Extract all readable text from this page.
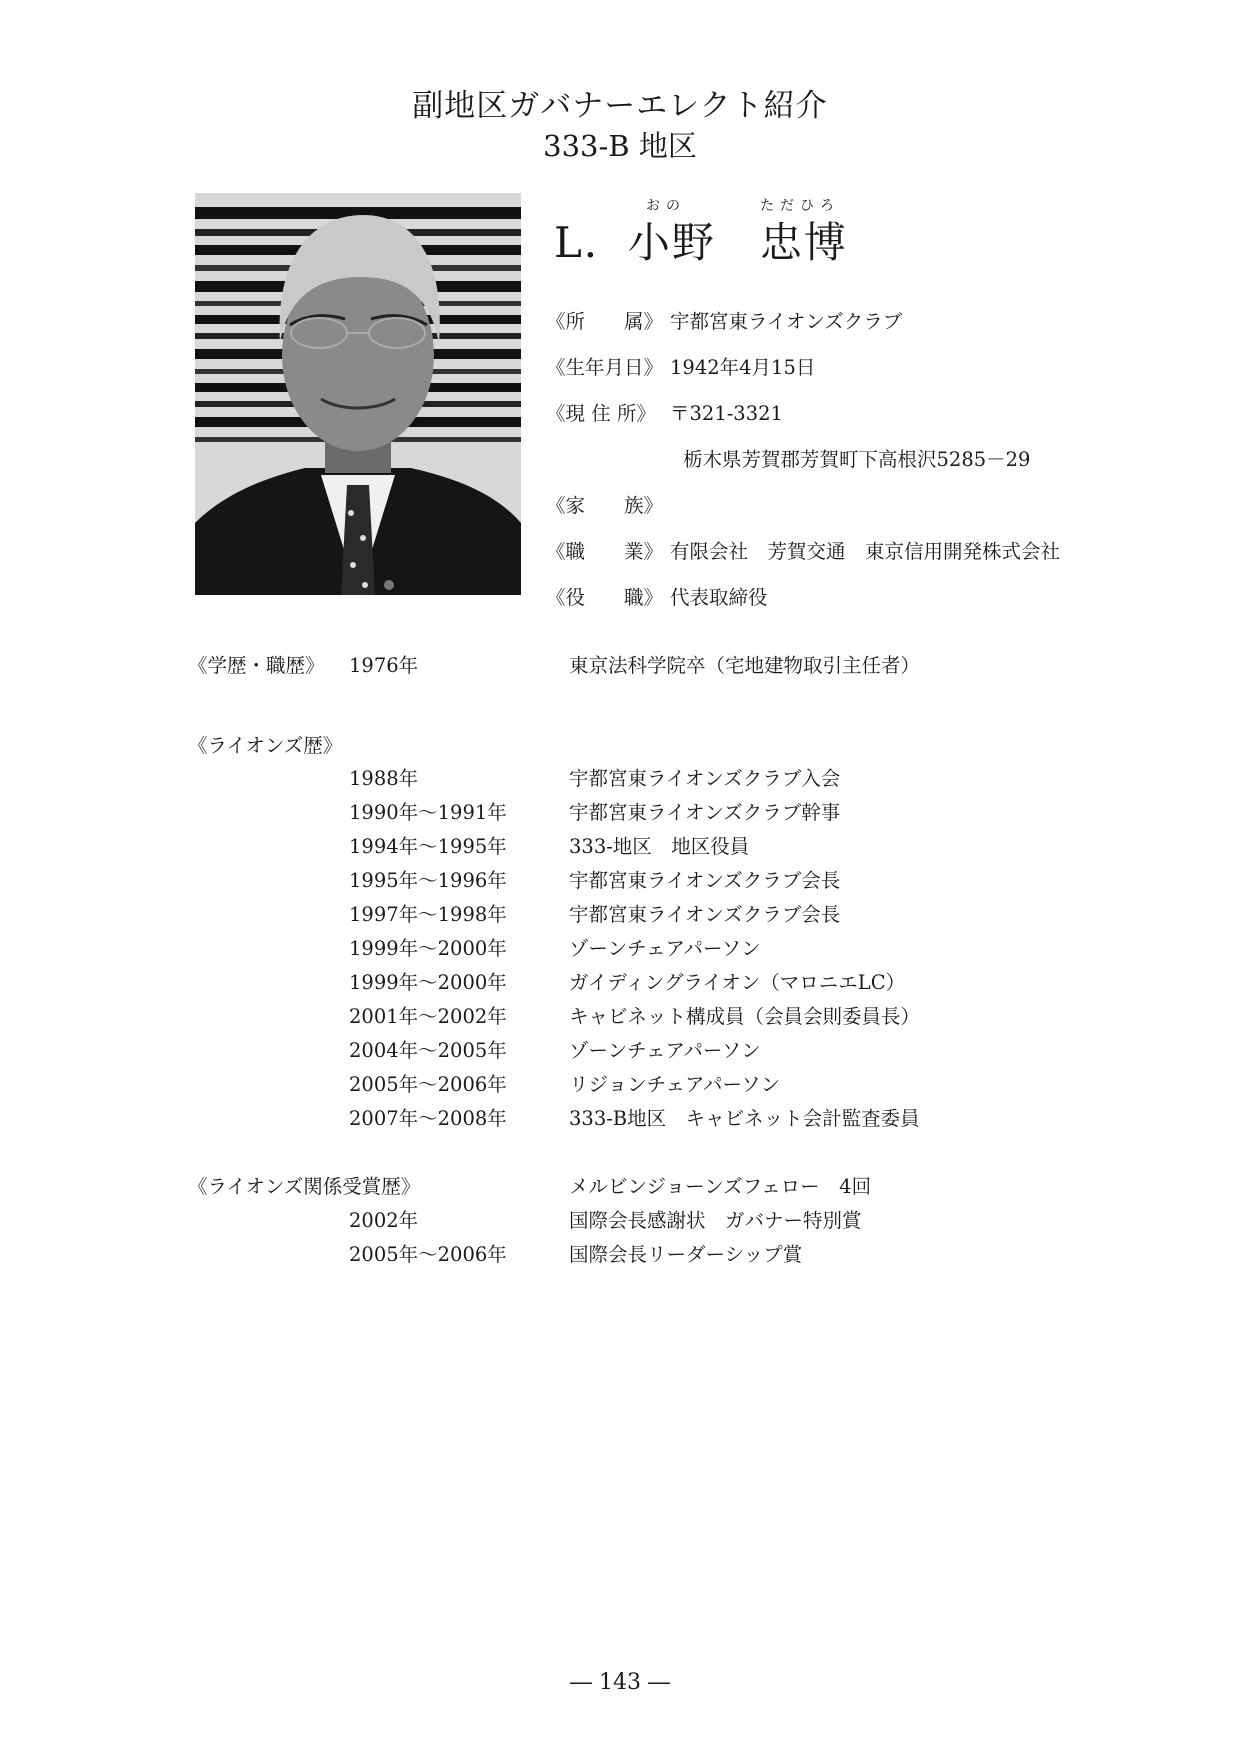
副地区ガバナーエレクト紹介
333-B 地区
おの	ただひろ
L．小野 忠博
《所　　属》 宇都宮東ライオンズクラブ
《生年月日》 1942年4月15日
《現 住 所》 〒321-3321
栃木県芳賀郡芳賀町下高根沢5285－29
《家　　族》
《職　　業》 有限会社　芳賀交通　東京信用開発株式会社
《役　　職》 代表取締役
《学歴・職歴》 1976年	東京法科学院卒（宅地建物取引主任者）
《ライオンズ歴》
1988年	宇都宮東ライオンズクラブ入会
1990年～1991年	宇都宮東ライオンズクラブ幹事
1994年～1995年	333-地区　地区役員
1995年～1996年	宇都宮東ライオンズクラブ会長
1997年～1998年	宇都宮東ライオンズクラブ会長
1999年～2000年	ゾーンチェアパーソン
1999年～2000年	ガイディングライオン（マロニエLC）
2001年～2002年	キャビネット構成員（会員会則委員長）
2004年～2005年	ゾーンチェアパーソン
2005年～2006年	リジョンチェアパーソン
2007年～2008年	333-B地区　キャビネット会計監査委員
《ライオンズ関係受賞歴》	メルビンジョーンズフェロー　4回
2002年	国際会長感謝状　ガバナー特別賞
2005年～2006年	国際会長リーダーシップ賞
― 143 ―
